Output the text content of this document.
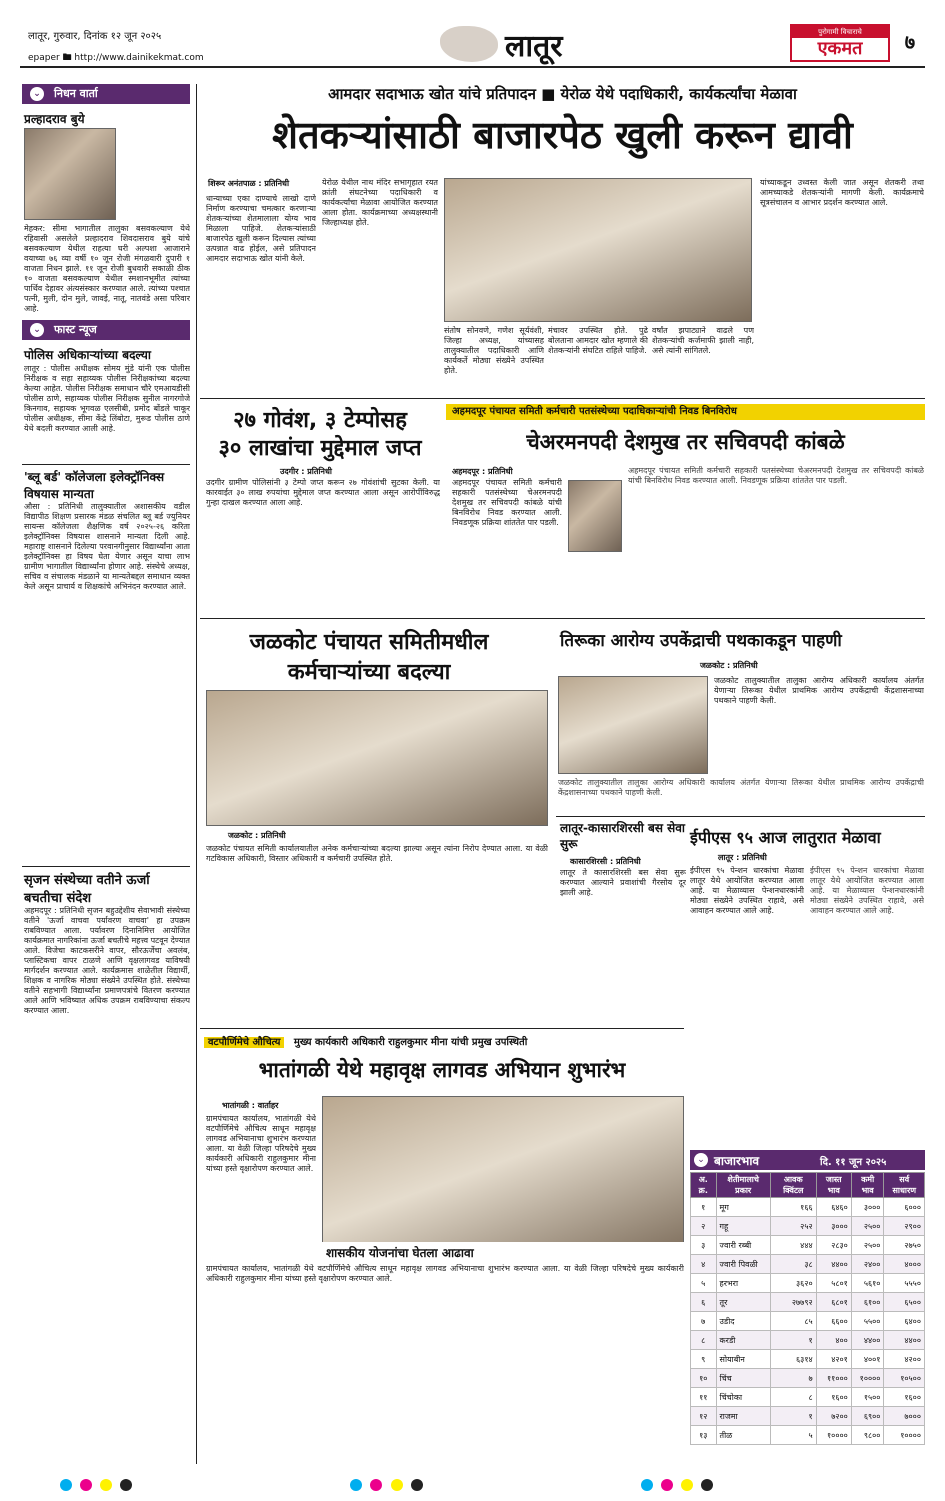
लातूर, गुरुवार, दिनांक १२ जून २०२५
epaper 🖿 http://www.dainikekmat.com	लातूर	पुरोगामी विचाराचे
एकमत	७
⌄ निधन वार्ता
प्रल्हादराव बुये
मेहकर: सीमा भागातील तालुका बसवकल्याण येथे रहिवासी असलेले प्रल्हादराव शिवदासराव बुये यांचे बसवकल्याण येथील राहत्या घरी अल्पशा आजाराने वयाच्या ७६ व्या वर्षी १० जून रोजी मंगळवारी दुपारी १ वाजता निधन झाले. ११ जून रोजी बुधवारी सकाळी ठीक १० वाजता बसवकल्याण येथील स्मशानभूमीत त्यांच्या पार्थिव देहावर अंत्यसंस्कार करण्यात आले. त्यांच्या पश्चात पत्नी, मुली, दोन मुले, जावई, नातू, नातवंडे असा परिवार आहे.
⌄ फास्ट न्यूज
पोलिस अधिकाऱ्यांच्या बदल्या
लातूर : पोलीस अधीक्षक सोमय मुंडे यांनी एक पोलीस निरीक्षक व सहा सहाय्यक पोलीस निरीक्षकांच्या बदल्या केल्या आहेत. पोलीस निरीक्षक समाधान चौरे एमआयडीसी पोलीस ठाणे, सहाय्यक पोलीस निरीक्षक सुनील नागरगोजे किनगाव, सहायक भूगवळ एलसीबी, प्रमोद बोंडले चाकूर पोलीस अधीक्षक, सीमा केंद्रे लिंबोटा, मुरूड पोलीस ठाणे येथे बदली करण्यात आली आहे.
'ब्लू बर्ड' कॉलेजला इलेक्ट्रॉनिक्स विषयास मान्यता
औसा : प्रतिनिधी तालुक्यातील अशासकीय वडील विद्यापीठ शिक्षण प्रसारक मंडळ संचलित ब्लू बर्ड ज्युनियर सायन्स कॉलेजला शैक्षणिक वर्ष २०२५-२६ करिता इलेक्ट्रॉनिक्स विषयास शासनाने मान्यता दिली आहे. महाराष्ट्र शासनाने दिलेल्या परवानगीनुसार विद्यार्थ्यांना आता इलेक्ट्रॉनिक्स हा विषय घेता येणार असून याचा लाभ ग्रामीण भागातील विद्यार्थ्यांना होणार आहे. संस्थेचे अध्यक्ष, सचिव व संचालक मंडळाने या मान्यतेबद्दल समाधान व्यक्त केले असून प्राचार्य व शिक्षकांचे अभिनंदन करण्यात आले.
सृजन संस्थेच्या वतीने ऊर्जा बचतीचा संदेश
अहमदपूर : प्रतिनिधी सृजन बहुउद्देशीय सेवाभावी संस्थेच्या वतीने 'ऊर्जा वाचवा पर्यावरण वाचवा' हा उपक्रम राबविण्यात आला. पर्यावरण दिनानिमित्त आयोजित कार्यक्रमात नागरिकांना ऊर्जा बचतीचे महत्त्व पटवून देण्यात आले. विजेचा काटकसरीने वापर, सौरऊर्जेचा अवलंब, प्लास्टिकचा वापर टाळणे आणि वृक्षलागवड याविषयी मार्गदर्शन करण्यात आले. कार्यक्रमास शाळेतील विद्यार्थी, शिक्षक व नागरिक मोठ्या संख्येने उपस्थित होते. संस्थेच्या वतीने सहभागी विद्यार्थ्यांना प्रमाणपत्रांचे वितरण करण्यात आले आणि भविष्यात अधिक उपक्रम राबविण्याचा संकल्प करण्यात आला.
आमदार सदाभाऊ खोत यांचे प्रतिपादन ■ येरोळ येथे पदाधिकारी, कार्यकर्त्यांचा मेळावा
शेतकऱ्यांसाठी बाजारपेठ खुली करून द्यावी
शिरूर अनंतपाळ : प्रतिनिधी
धान्याच्या एका दाण्याचे लाखो दाणे निर्माण करण्याचा चमत्कार करणाऱ्या शेतकऱ्यांच्या शेतमालाला योग्य भाव मिळाला पाहिजे. शेतकऱ्यांसाठी बाजारपेठ खुली करून दिल्यास त्यांच्या उत्पन्नात वाढ होईल, असे प्रतिपादन आमदार सदाभाऊ खोत यांनी केले.
येरोळ येथील नाथ मंदिर सभागृहात रयत क्रांती संघटनेच्या पदाधिकारी व कार्यकर्त्यांचा मेळावा आयोजित करण्यात आला होता. कार्यक्रमाच्या अध्यक्षस्थानी जिल्हाध्यक्ष होते.
यांच्याकडून उध्वस्त केली जात असून शेतकरी तथा आमच्याकडे शेतकऱ्यांनी मागणी केली. कार्यक्रमाचे सूत्रसंचालन व आभार प्रदर्शन करण्यात आले.
संतोष सोनवणे, गणेश सूर्यवंशी, जिल्हा अध्यक्ष, यांच्यासह तालुक्यातील पदाधिकारी आणि कार्यकर्ते मोठ्या संख्येने उपस्थित होते.
मंचावर उपस्थित होते. पुढे बोलताना आमदार खोत म्हणाले की शेतकऱ्यांनी संघटित राहिले पाहिजे.
वर्षांत झपाट्याने वाढले पण शेतकऱ्यांची कर्जमाफी झाली नाही, असे त्यांनी सांगितले.
२७ गोवंश, ३ टेम्पोसह
३० लाखांचा मुद्देमाल जप्त
उदगीर : प्रतिनिधी
उदगीर ग्रामीण पोलिसांनी ३ टेम्पो जप्त करून २७ गोवंशांची सुटका केली. या कारवाईत ३० लाख रुपयांचा मुद्देमाल जप्त करण्यात आला असून आरोपींविरुद्ध गुन्हा दाखल करण्यात आला आहे.
अहमदपूर पंचायत समिती कर्मचारी पतसंस्थेच्या पदाधिकाऱ्यांची निवड बिनविरोध
चेअरमनपदी देशमुख तर सचिवपदी कांबळे
अहमदपूर : प्रतिनिधी
अहमदपूर पंचायत समिती कर्मचारी सहकारी पतसंस्थेच्या चेअरमनपदी देशमुख तर सचिवपदी कांबळे यांची बिनविरोध निवड करण्यात आली. निवडणूक प्रक्रिया शांततेत पार पडली.
अहमदपूर पंचायत समिती कर्मचारी सहकारी पतसंस्थेच्या चेअरमनपदी देशमुख तर सचिवपदी कांबळे यांची बिनविरोध निवड करण्यात आली. निवडणूक प्रक्रिया शांततेत पार पडली.
जळकोट पंचायत समितीमधील कर्मचाऱ्यांच्या बदल्या
जळकोट : प्रतिनिधी
जळकोट पंचायत समिती कार्यालयातील अनेक कर्मचाऱ्यांच्या बदल्या झाल्या असून त्यांना निरोप देण्यात आला. या वेळी गटविकास अधिकारी, विस्तार अधिकारी व कर्मचारी उपस्थित होते.
तिरूका आरोग्य उपकेंद्राची पथकाकडून पाहणी
जळकोट : प्रतिनिधी
जळकोट तालुक्यातील तालुका आरोग्य अधिकारी कार्यालय अंतर्गत येणाऱ्या तिरूका येथील प्राथमिक आरोग्य उपकेंद्राची केंद्रशासनाच्या पथकाने पाहणी केली.
जळकोट तालुक्यातील तालुका आरोग्य अधिकारी कार्यालय अंतर्गत येणाऱ्या तिरूका येथील प्राथमिक आरोग्य उपकेंद्राची केंद्रशासनाच्या पथकाने पाहणी केली.
लातूर-कासारशिरसी बस सेवा सुरू
कासारशिरसी : प्रतिनिधी
लातूर ते कासारशिरसी बस सेवा सुरू करण्यात आल्याने प्रवाशांची गैरसोय दूर झाली आहे.
ईपीएस ९५ आज लातुरात मेळावा
लातूर : प्रतिनिधी
ईपीएस ९५ पेन्शन धारकांचा मेळावा लातूर येथे आयोजित करण्यात आला आहे. या मेळाव्यास पेन्शनधारकांनी मोठ्या संख्येने उपस्थित राहावे, असे आवाहन करण्यात आले आहे.
ईपीएस ९५ पेन्शन धारकांचा मेळावा लातूर येथे आयोजित करण्यात आला आहे. या मेळाव्यास पेन्शनधारकांनी मोठ्या संख्येने उपस्थित राहावे, असे आवाहन करण्यात आले आहे.
वटपौर्णिमेचे औचित्य मुख्य कार्यकारी अधिकारी राहुलकुमार मीना यांची प्रमुख उपस्थिती
भातांगळी येथे महावृक्ष लागवड अभियान शुभारंभ
भातांगळी : वार्ताहर
ग्रामपंचायत कार्यालय, भातांगळी येथे वटपौर्णिमेचे औचित्य साधून महावृक्ष लागवड अभियानाचा शुभारंभ करण्यात आला. या वेळी जिल्हा परिषदेचे मुख्य कार्यकारी अधिकारी राहुलकुमार मीना यांच्या हस्ते वृक्षारोपण करण्यात आले.
शासकीय योजनांचा घेतला आढावा
ग्रामपंचायत कार्यालय, भातांगळी येथे वटपौर्णिमेचे औचित्य साधून महावृक्ष लागवड अभियानाचा शुभारंभ करण्यात आला. या वेळी जिल्हा परिषदेचे मुख्य कार्यकारी अधिकारी राहुलकुमार मीना यांच्या हस्ते वृक्षारोपण करण्यात आले.
⌄ बाजारभाव	दि. ११ जून २०२५
अ. क्र.	शेतीमालाचे प्रकार	आवक क्विंटल	जास्त भाव	कमी भाव	सर्व साधारण
१	मूग	१६६	६४६०	३०००	६०००
२	गहू	२५२	३०००	२५००	२९००
३	ज्वारी रब्बी	४४४	२८३०	२५००	२७५०
४	ज्वारी पिवळी	३८	४४००	२४००	४०००
५	हरभरा	३६२०	५८०१	५६१०	५५५०
६	तूर	२७७९२	६८०१	६१००	६५००
७	उडीद	८५	६६००	५५००	६४००
८	करडी	१	४००	४४००	४४००
९	सोयाबीन	६३१४	४२०१	४००१	४२००
१०	चिंच	७	११०००	१००००	१०५००
११	चिंचोका	८	१६००	१५००	१६००
१२	राजमा	१	७२००	६९००	७०००
१३	तीळ	५	१००००	९८००	१००००
